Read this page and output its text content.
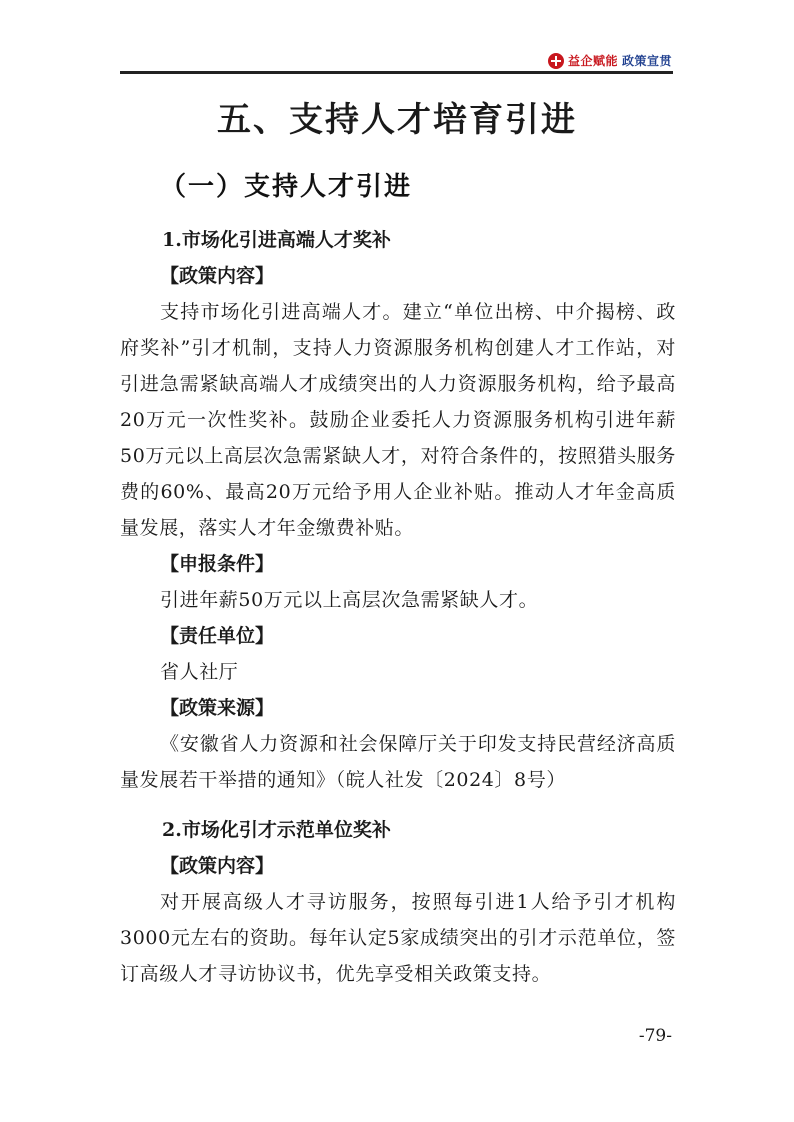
益企赋能 政策宣贯
五、支持人才培育引进
（一）支持人才引进

1.市场化引进高端人才奖补

【政策内容】

支持市场化引进高端人才。建立“单位出榜、中介揭榜、政府奖补”引才机制，支持人力资源服务机构创建人才工作站，对引进急需紧缺高端人才成绩突出的人力资源服务机构，给予最高20万元一次性奖补。鼓励企业委托人力资源服务机构引进年薪50万元以上高层次急需紧缺人才，对符合条件的，按照猎头服务费的60%、最高20万元给予用人企业补贴。推动人才年金高质量发展，落实人才年金缴费补贴。

【申报条件】

引进年薪50万元以上高层次急需紧缺人才。

【责任单位】

省人社厅

【政策来源】

《安徽省人力资源和社会保障厅关于印发支持民营经济高质量发展若干举措的通知》（皖人社发〔2024〕8号）

2.市场化引才示范单位奖补

【政策内容】

对开展高级人才寻访服务，按照每引进1人给予引才机构3000元左右的资助。每年认定5家成绩突出的引才示范单位，签订高级人才寻访协议书，优先享受相关政策支持。

-79-
